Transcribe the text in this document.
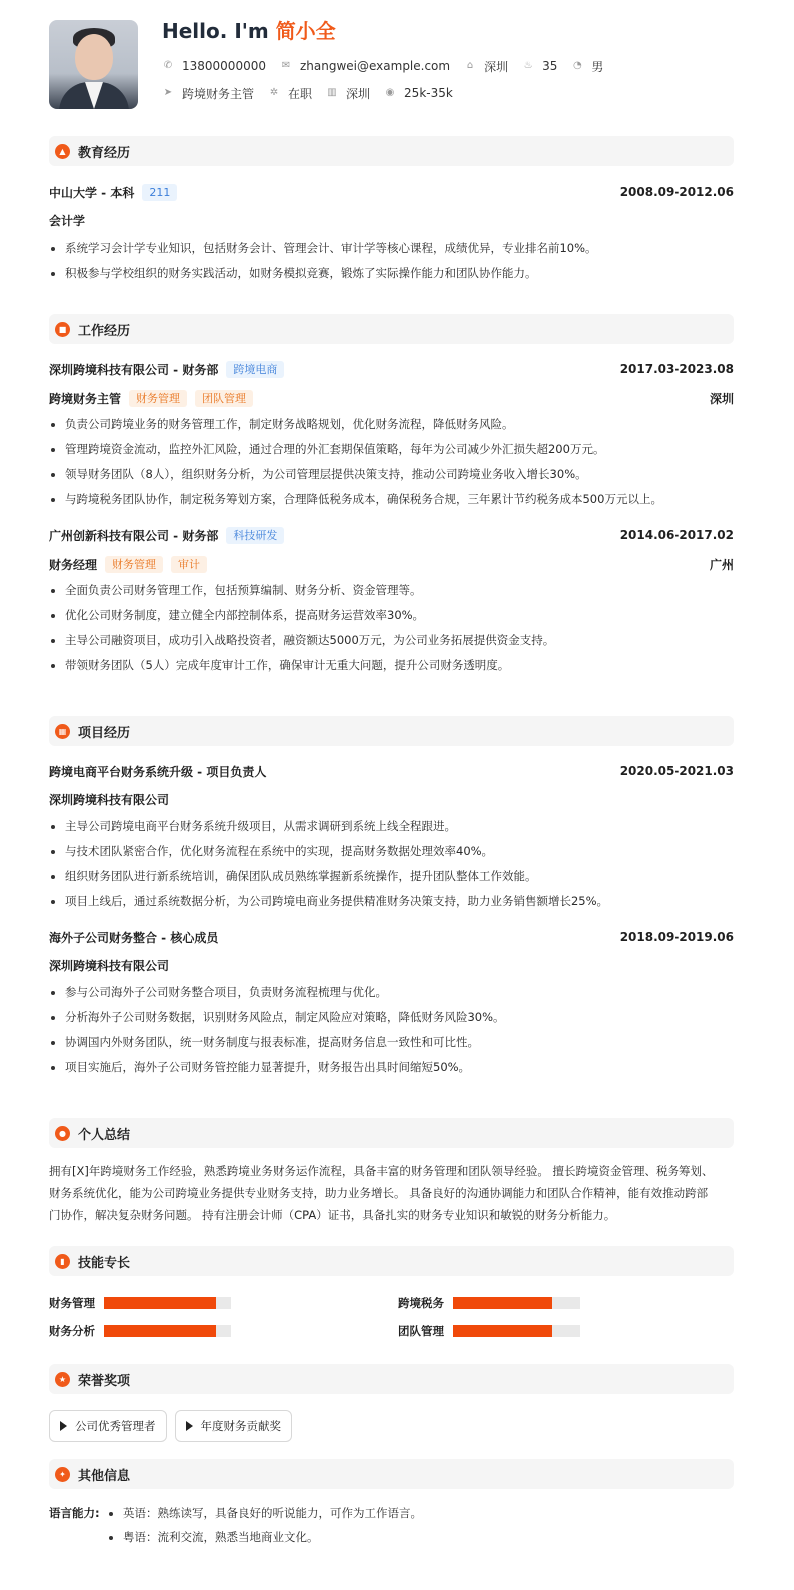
Hello. I'm 简小全
✆ 13800000000 ✉ zhangwei@example.com ⌂ 深圳 ♨ 35 ◔ 男
➤ 跨境财务主管 ✲ 在职 ▥ 深圳 ◉ 25k-35k
▲ 教育经历
中山大学 - 本科	211	2008.09-2012.06
会计学
系统学习会计学专业知识，包括财务会计、管理会计、审计学等核心课程，成绩优异，专业排名前10%。
积极参与学校组织的财务实践活动，如财务模拟竞赛，锻炼了实际操作能力和团队协作能力。
■ 工作经历
深圳跨境科技有限公司 - 财务部	跨境电商	2017.03-2023.08
跨境财务主管	财务管理	团队管理	深圳
负责公司跨境业务的财务管理工作，制定财务战略规划，优化财务流程，降低财务风险。
管理跨境资金流动，监控外汇风险，通过合理的外汇套期保值策略，每年为公司减少外汇损失超200万元。
领导财务团队（8人），组织财务分析，为公司管理层提供决策支持，推动公司跨境业务收入增长30%。
与跨境税务团队协作，制定税务筹划方案，合理降低税务成本，确保税务合规，三年累计节约税务成本500万元以上。
广州创新科技有限公司 - 财务部	科技研发	2014.06-2017.02
财务经理	财务管理	审计	广州
全面负责公司财务管理工作，包括预算编制、财务分析、资金管理等。
优化公司财务制度，建立健全内部控制体系，提高财务运营效率30%。
主导公司融资项目，成功引入战略投资者，融资额达5000万元，为公司业务拓展提供资金支持。
带领财务团队（5人）完成年度审计工作，确保审计无重大问题，提升公司财务透明度。
▦ 项目经历
跨境电商平台财务系统升级 - 项目负责人	2020.05-2021.03
深圳跨境科技有限公司
主导公司跨境电商平台财务系统升级项目，从需求调研到系统上线全程跟进。
与技术团队紧密合作，优化财务流程在系统中的实现，提高财务数据处理效率40%。
组织财务团队进行新系统培训，确保团队成员熟练掌握新系统操作，提升团队整体工作效能。
项目上线后，通过系统数据分析，为公司跨境电商业务提供精准财务决策支持，助力业务销售额增长25%。
海外子公司财务整合 - 核心成员	2018.09-2019.06
深圳跨境科技有限公司
参与公司海外子公司财务整合项目，负责财务流程梳理与优化。
分析海外子公司财务数据，识别财务风险点，制定风险应对策略，降低财务风险30%。
协调国内外财务团队，统一财务制度与报表标准，提高财务信息一致性和可比性。
项目实施后，海外子公司财务管控能力显著提升，财务报告出具时间缩短50%。
● 个人总结
拥有[X]年跨境财务工作经验，熟悉跨境业务财务运作流程，具备丰富的财务管理和团队领导经验。 擅长跨境资金管理、税务筹划、
财务系统优化，能为公司跨境业务提供专业财务支持，助力业务增长。 具备良好的沟通协调能力和团队合作精神，能有效推动跨部
门协作，解决复杂财务问题。 持有注册会计师（CPA）证书，具备扎实的财务专业知识和敏锐的财务分析能力。
▮	技能专长
财务管理	跨境税务
财务分析	团队管理
★ 荣誉奖项
公司优秀管理者	年度财务贡献奖
✦ 其他信息
语言能力:	英语：熟练读写，具备良好的听说能力，可作为工作语言。
粤语：流利交流，熟悉当地商业文化。
